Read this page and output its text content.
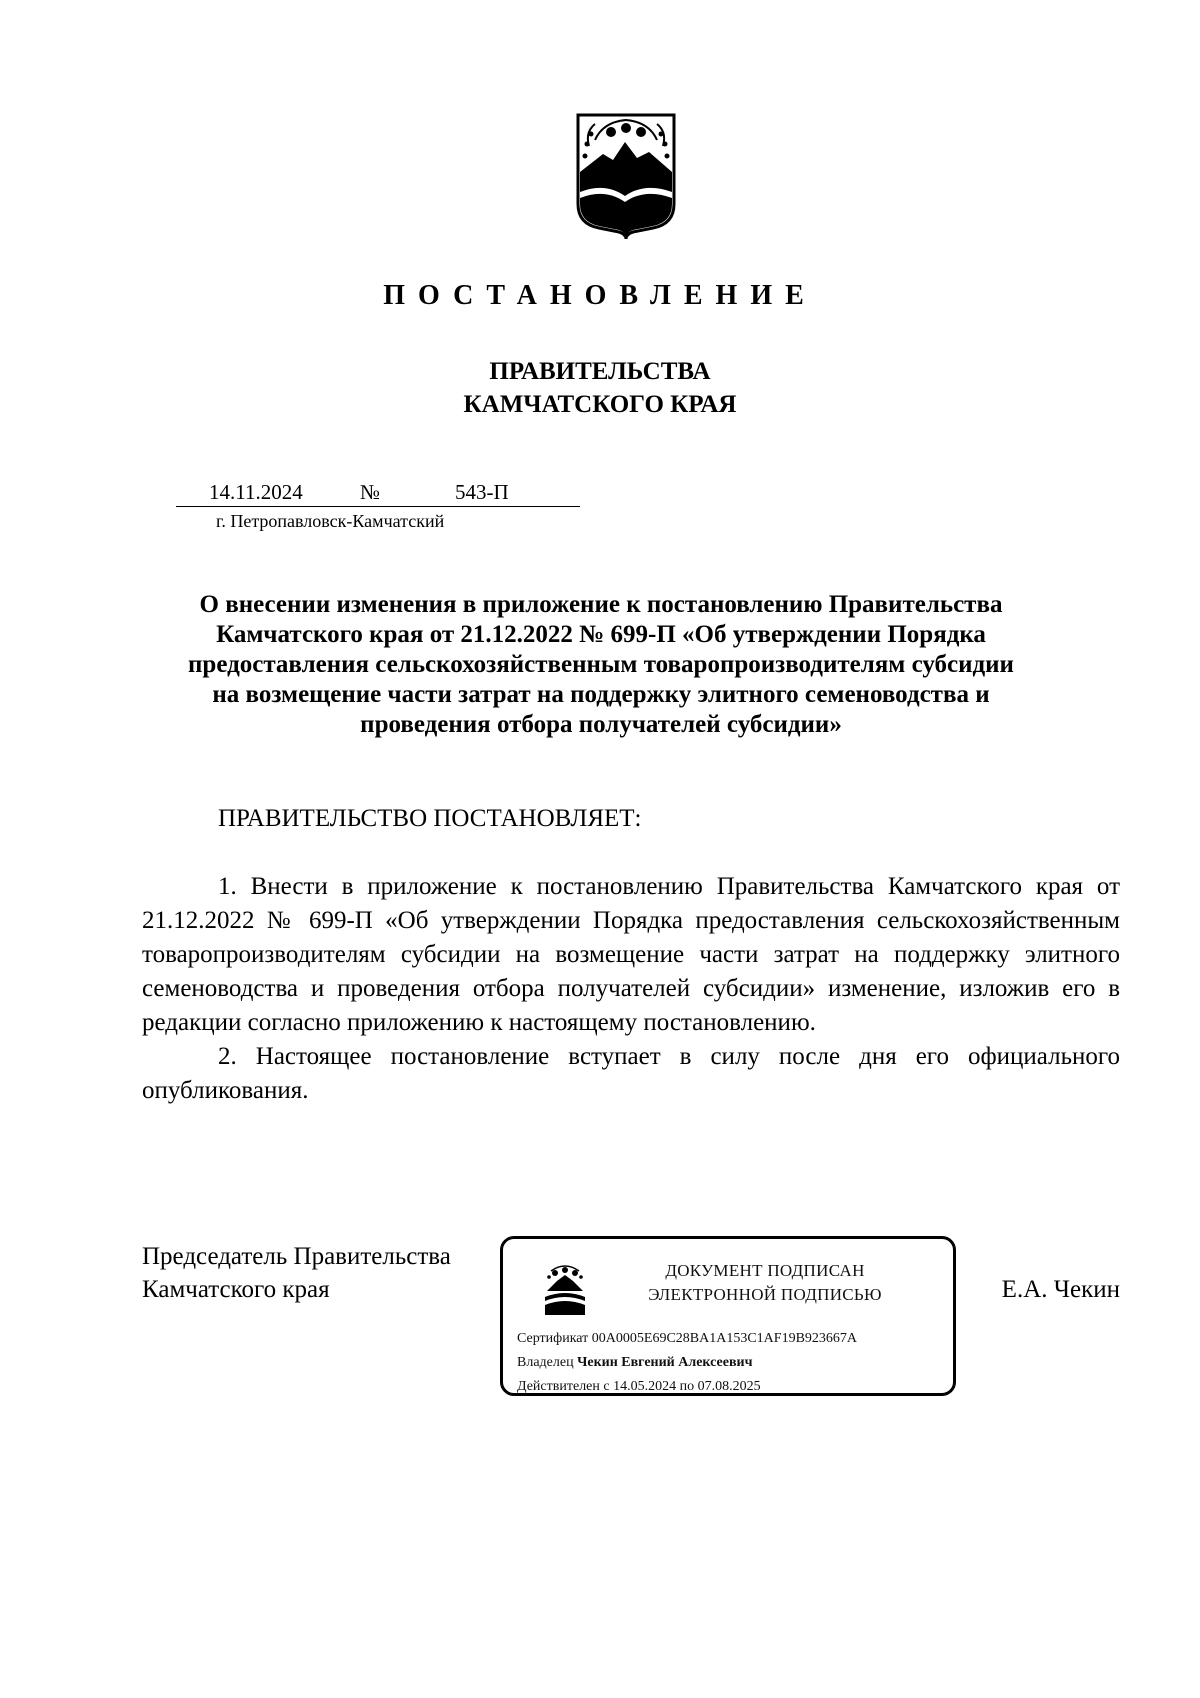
ПОСТАНОВЛЕНИЕ
ПРАВИТЕЛЬСТВА
КАМЧАТСКОГО КРАЯ
14.11.2024	№	543-П
г. Петропавловск-Камчатский
О внесении изменения в приложение к постановлению Правительства
Камчатского края от 21.12.2022 № 699-П «Об утверждении Порядка
предоставления сельскохозяйственным товаропроизводителям субсидии
на возмещение части затрат на поддержку элитного семеноводства и
проведения отбора получателей субсидии»
ПРАВИТЕЛЬСТВО ПОСТАНОВЛЯЕТ:

1. Внести в приложение к постановлению Правительства Камчатского края от 21.12.2022 № 699-П «Об утверждении Порядка предоставления сельскохозяйственным товаропроизводителям субсидии на возмещение части затрат на поддержку элитного семеноводства и проведения отбора получателей субсидии» изменение, изложив его в редакции согласно приложению к настоящему постановлению.

2. Настоящее постановление вступает в силу после дня его официального опубликования.

Председатель Правительства
Камчатского края
ДОКУМЕНТ ПОДПИСАН
ЭЛЕКТРОННОЙ ПОДПИСЬЮ
Сертификат 00A0005E69C28BA1A153C1AF19B923667A
Владелец Чекин Евгений Алексеевич
Действителен с 14.05.2024 по 07.08.2025
Е.А. Чекин
